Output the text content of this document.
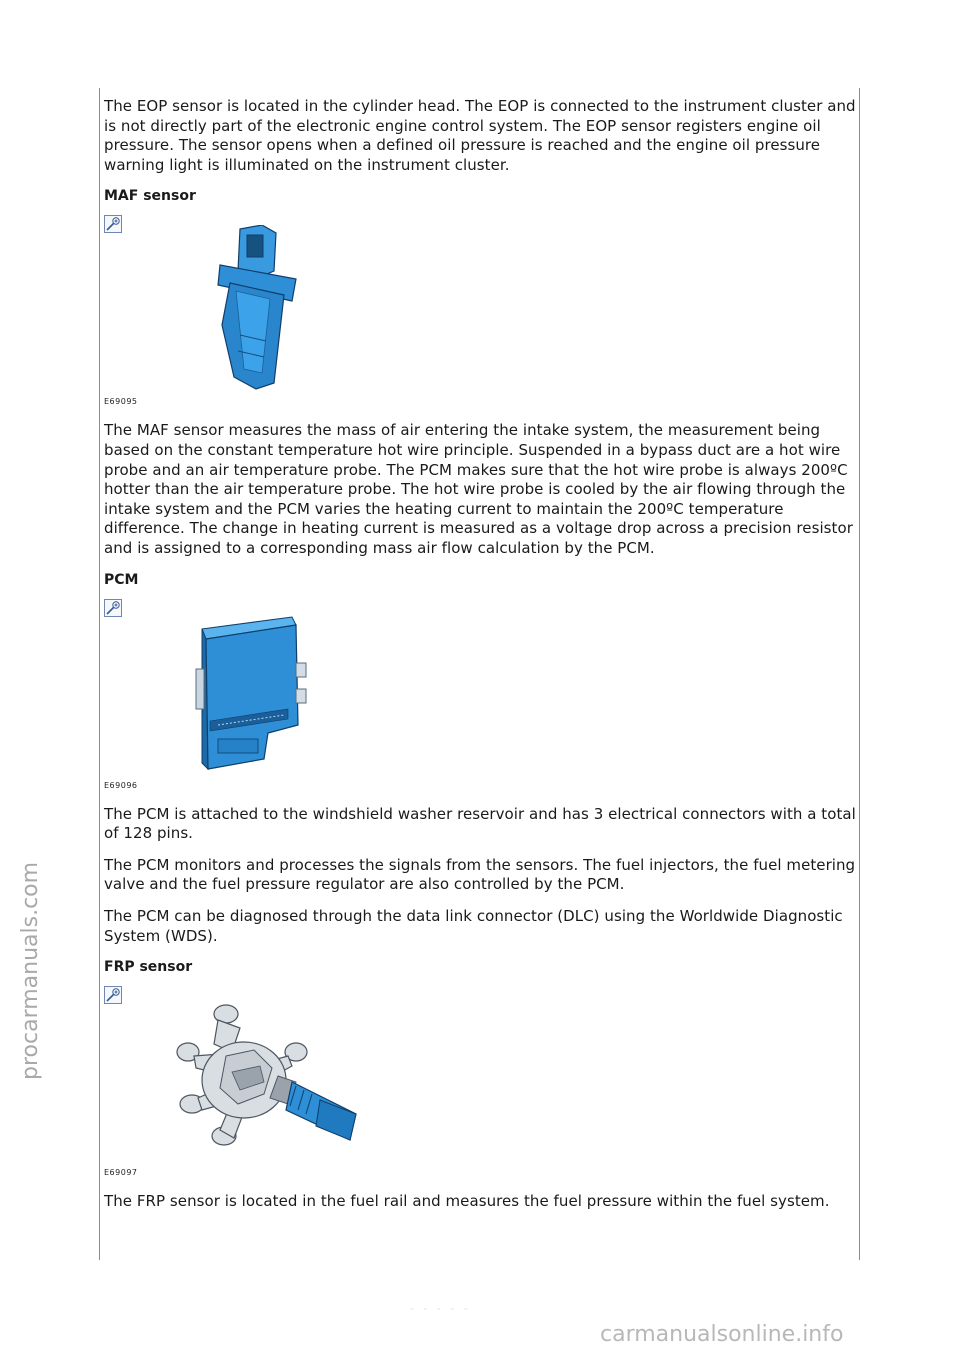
procarmanuals.com

The EOP sensor is located in the cylinder head. The EOP is connected to the instrument cluster and is not directly part of the electronic engine control system. The EOP sensor registers engine oil pressure. The sensor opens when a defined oil pressure is reached and the engine oil pressure warning light is illuminated on the instrument cluster.

MAF sensor
E69095

The MAF sensor measures the mass of air entering the intake system, the measurement being based on the constant temperature hot wire principle. Suspended in a bypass duct are a hot wire probe and an air temperature probe. The PCM makes sure that the hot wire probe is always 200ºC hotter than the air temperature probe. The hot wire probe is cooled by the air flowing through the intake system and the PCM varies the heating current to maintain the 200ºC temperature difference. The change in heating current is measured as a voltage drop across a precision resistor and is assigned to a corresponding mass air flow calculation by the PCM.

PCM
E69096

The PCM is attached to the windshield washer reservoir and has 3 electrical connectors with a total of 128 pins.

The PCM monitors and processes the signals from the sensors. The fuel injectors, the fuel metering valve and the fuel pressure regulator are also controlled by the PCM.

The PCM can be diagnosed through the data link connector (DLC) using the Worldwide Diagnostic System (WDS).

FRP sensor
E69097

The FRP sensor is located in the fuel rail and measures the fuel pressure within the fuel system.

- - - - -
carmanualsonline.info
